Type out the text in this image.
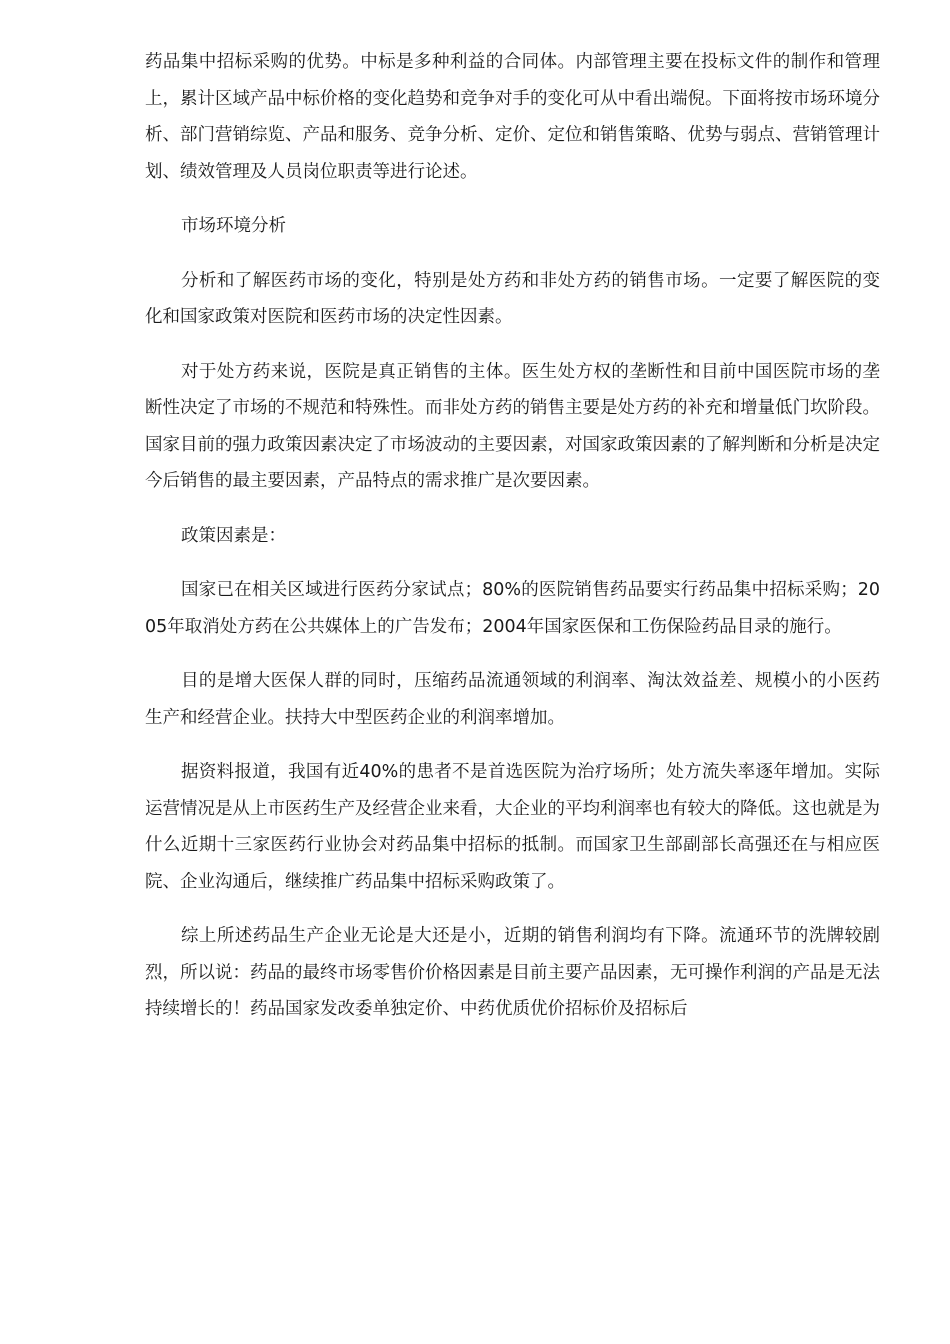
药品集中招标采购的优势。中标是多种利益的合同体。内部管理主要在投标文件的制作和管理上，累计区域产品中标价格的变化趋势和竞争对手的变化可从中看出端倪。下面将按市场环境分析、部门营销综览、产品和服务、竞争分析、定价、定位和销售策略、优势与弱点、营销管理计划、绩效管理及人员岗位职责等进行论述。

市场环境分析

分析和了解医药市场的变化，特别是处方药和非处方药的销售市场。一定要了解医院的变化和国家政策对医院和医药市场的决定性因素。

对于处方药来说，医院是真正销售的主体。医生处方权的垄断性和目前中国医院市场的垄断性决定了市场的不规范和特殊性。而非处方药的销售主要是处方药的补充和增量低门坎阶段。国家目前的强力政策因素决定了市场波动的主要因素，对国家政策因素的了解判断和分析是决定今后销售的最主要因素，产品特点的需求推广是次要因素。

政策因素是：

国家已在相关区域进行医药分家试点；80%的医院销售药品要实行药品集中招标采购；2005年取消处方药在公共媒体上的广告发布；2004年国家医保和工伤保险药品目录的施行。

目的是增大医保人群的同时，压缩药品流通领域的利润率、淘汰效益差、规模小的小医药生产和经营企业。扶持大中型医药企业的利润率增加。

据资料报道，我国有近40%的患者不是首选医院为治疗场所；处方流失率逐年增加。实际运营情况是从上市医药生产及经营企业来看，大企业的平均利润率也有较大的降低。这也就是为什么近期十三家医药行业协会对药品集中招标的抵制。而国家卫生部副部长高强还在与相应医院、企业沟通后，继续推广药品集中招标采购政策了。

综上所述药品生产企业无论是大还是小，近期的销售利润均有下降。流通环节的洗牌较剧烈，所以说：药品的最终市场零售价价格因素是目前主要产品因素，无可操作利润的产品是无法持续增长的！药品国家发改委单独定价、中药优质优价招标价及招标后
